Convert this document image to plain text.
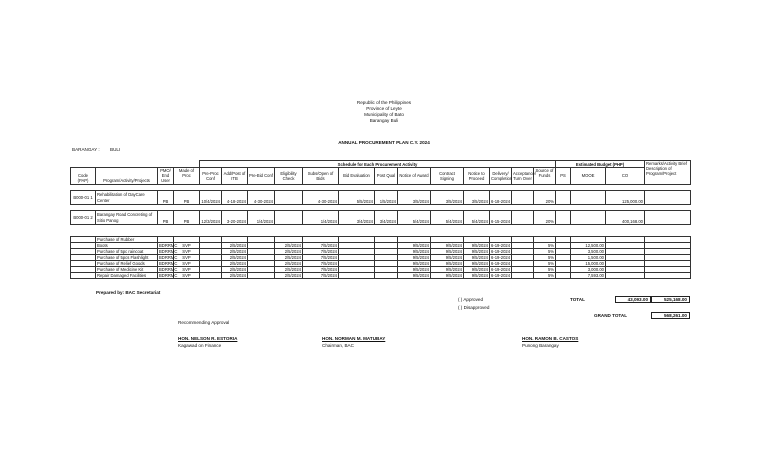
Republic of the Philippines
Province of Leyte
Municipality of Bato
Barangay Buli
ANNUAL PROCUREMENT PLAN C.Y. 2024
BARANGAY : BULI
				Schedule for Each Procurement Activity													Estimated Budget (PHP)			Remarks/Activity Brief Description of Program/Project
Code (PAP)	Program/Activity/Projects	PMO/ End User	Made of Proc	Pre-Proc Conf	Add/Post of ITB	Pre-Bid Conf	Eligibility Check	Subs/Open of Bids	Bid Evaluation	Post Qual	Notice of Award	Contract Signing	Notice to Proceed	Delivery/ Completion	Acceptance/ Turn Over	Source of Funds	PS	MOOE	CO	
B000-01 1	Rehabilitation of DayCare Center	PB	PB	10/4/2024	4-18-2024	4-30-2024		4-30-2024	5/5/2024	1/5/2024	3/5/2024	3/5/2024	3/5/2024	6-18-2024		20%			125,000.00	

B000-01 2	Barangay Road Concreting of Sitio Panog	PB	PB	12/3/2024	3-20-2024	1/4/2024		1/4/2024	3/4/2024	3/4/2024	5/4/2024	5/4/2024	5/4/2024	6-15-2024		20%			400,168.00	
	Purchase of Rubber																			
	Boots	BDRRMC	SVP		2/5/2024		2/5/2024	7/5/2024			9/5/2024	9/5/2024	9/5/2024	6-19-2024		5%		12,500.00		
	Purchase of 5pc raincoat	BDRRMC	SVP		2/5/2024		2/5/2024	7/5/2024			9/5/2024	9/5/2024	9/5/2024	6-19-2024		5%		3,500.00		
	Purchase of 5pcs Flashlight	BDRRMC	SVP		2/5/2024		2/5/2024	7/5/2024			9/5/2024	9/5/2024	9/5/2024	6-19-2024		5%		1,500.00		
	Purchase of Relief Goods	BDRRMC	SVP		2/5/2024		2/5/2024	7/5/2024			9/5/2024	9/5/2024	9/5/2024	6-19-2024		5%		15,000.00		
	Purchase of Medicine Kit	BDRRMC	SVP		2/5/2024		2/5/2024	7/5/2024			9/5/2024	9/5/2024	9/5/2024	6-19-2024		5%		3,000.00		
	Repair Damaged Facilities	BDRRMC	SVP		2/5/2024		2/5/2024	7/5/2024			9/5/2024	9/5/2024	9/5/2024	6-19-2024		5%		7,593.00		
Prepared by: BAC Secretariat
( ) Approved
( ) Disapproved
TOTAL	43,093.00	525,168.00
GRAND TOTAL	568,261.00
Recommending Approval
HON. NELSON R. ESTORIA
Kagawad on Finance
HON. NORMAN M. MATUBAY
Chairman, BAC
HON. RAMON B. CASTOS
Punong Barangay
